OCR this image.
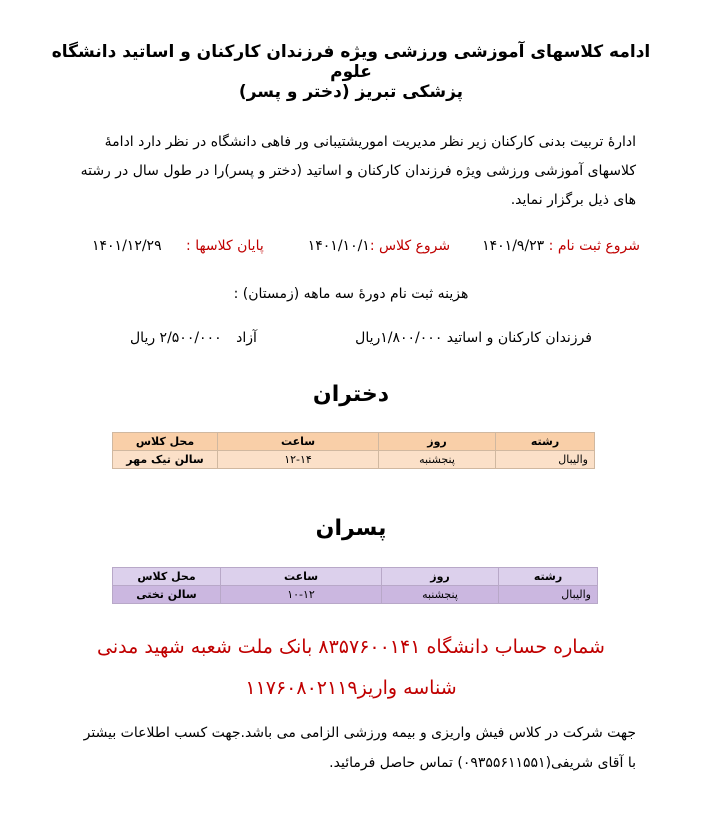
ادامه کلاسهای آموزشی ورزشی ویژه فرزندان کارکنان و اساتید دانشگاه علوم
پزشکی تبریز (دختر و پسر)
ادارهٔ تربیت بدنی کارکنان زیر نظر مدیریت اموریشتیبانی ور فاهی دانشگاه در نظر دارد ادامهٔ
کلاسهای آموزشی ورزشی ویژه فرزندان کارکنان و اساتید (دختر و پسر)را در طول سال در رشته
های ذیل برگزار نماید.
شروع ثبت نام : ۱۴۰۱/۹/۲۳
شروع کلاس :۱۴۰۱/۱۰/۱
پایان کلاسها : ۱۴۰۱/۱۲/۲۹
هزینه ثبت نام دورهٔ سه ماهه (زمستان) :
فرزندان کارکنان و اساتید ۱/۸۰۰/۰۰۰ریال
آزاد ۲/۵۰۰/۰۰۰ ریال
دختران
رشته	روز	ساعت	محل کلاس
والیبال	پنجشنبه	۱۲-۱۴	سالن تیک مهر
پسران
رشته	روز	ساعت	محل کلاس
والیبال	پنجشنبه	۱۰-۱۲	سالن تختی
شماره حساب دانشگاه ۸۳۵۷۶۰۰۱۴۱ بانک ملت شعبه شهید مدنی
شناسه واریز۱۱۷۶۰۸۰۲۱۱۹
جهت شرکت در کلاس فیش واریزی و بیمه ورزشی الزامی می باشد.جهت کسب اطلاعات بیشتر
با آقای شریفی(۰۹۳۵۵۶۱۱۵۵۱) تماس حاصل فرمائید.
